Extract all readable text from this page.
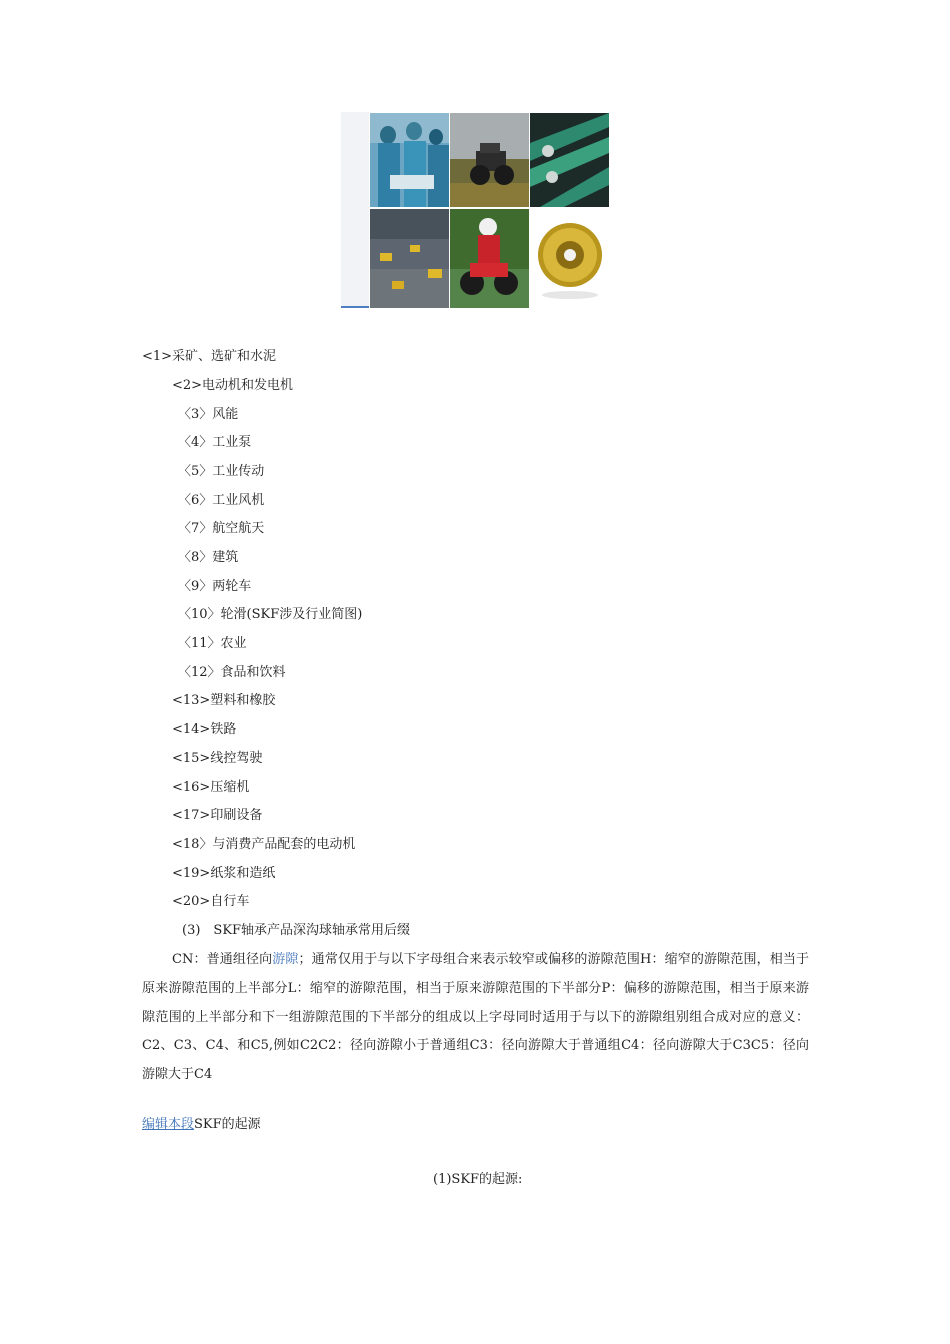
<1>采矿、选矿和水泥
<2>电动机和发电机
〈3〉风能
〈4〉工业泵
〈5〉工业传动
〈6〉工业风机
〈7〉航空航天
〈8〉建筑
〈9〉两轮车
〈10〉轮滑(SKF涉及行业简图)
〈11〉农业
〈12〉食品和饮料
<13>塑料和橡胶
<14>铁路
<15>线控驾驶
<16>压缩机
<17>印刷设备
<18〉与消费产品配套的电动机
<19>纸浆和造纸
<20>自行车
(3)　SKF轴承产品深沟球轴承常用后缀
CN：普通组径向游隙；通常仅用于与以下字母组合来表示较窄或偏移的游隙范围H：缩窄的游隙范围，相当于原来游隙范围的上半部分L：缩窄的游隙范围，相当于原来游隙范围的下半部分P：偏移的游隙范围，相当于原来游隙范围的上半部分和下一组游隙范围的下半部分的组成以上字母同时适用于与以下的游隙组别组合成对应的意义：C2、C3、C4、和C5,例如C2C2：径向游隙小于普通组C3：径向游隙大于普通组C4：径向游隙大于C3C5：径向游隙大于C4
编辑本段SKF的起源
(1)SKF的起源:
